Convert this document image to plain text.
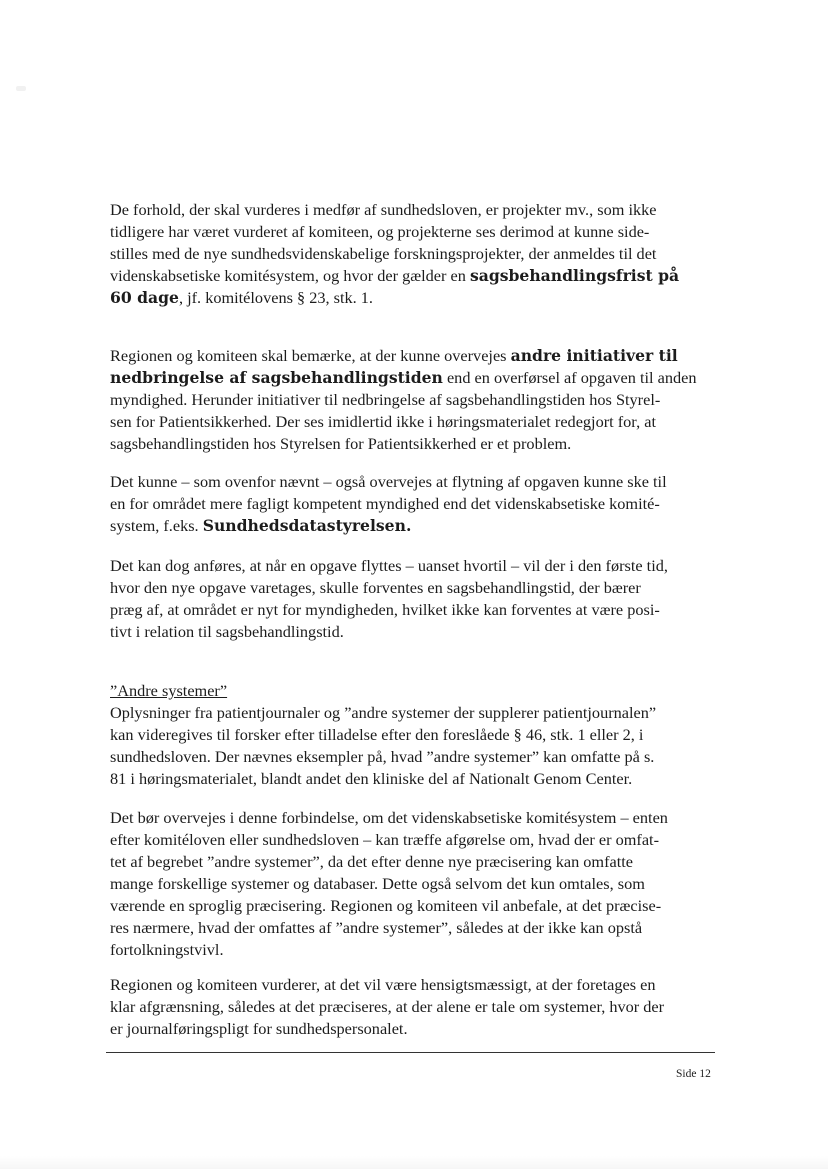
De forhold, der skal vurderes i medfør af sundhedsloven, er projekter mv., som ikke
tidligere har været vurderet af komiteen, og projekterne ses derimod at kunne side-
stilles med de nye sundhedsvidenskabelige forskningsprojekter, der anmeldes til det
videnskabsetiske komitésystem, og hvor der gælder en sagsbehandlingsfrist på
60 dage, jf. komitélovens § 23, stk. 1.

Regionen og komiteen skal bemærke, at der kunne overvejes andre initiativer til
nedbringelse af sagsbehandlingstiden end en overførsel af opgaven til anden
myndighed. Herunder initiativer til nedbringelse af sagsbehandlingstiden hos Styrel-
sen for Patientsikkerhed. Der ses imidlertid ikke i høringsmaterialet redegjort for, at
sagsbehandlingstiden hos Styrelsen for Patientsikkerhed er et problem.

Det kunne – som ovenfor nævnt – også overvejes at flytning af opgaven kunne ske til
en for området mere fagligt kompetent myndighed end det videnskabsetiske komité-
system, f.eks. Sundhedsdatastyrelsen.

Det kan dog anføres, at når en opgave flyttes – uanset hvortil – vil der i den første tid,
hvor den nye opgave varetages, skulle forventes en sagsbehandlingstid, der bærer
præg af, at området er nyt for myndigheden, hvilket ikke kan forventes at være posi-
tivt i relation til sagsbehandlingstid.

”Andre systemer”
Oplysninger fra patientjournaler og ”andre systemer der supplerer patientjournalen”
kan videregives til forsker efter tilladelse efter den foreslåede § 46, stk. 1 eller 2, i
sundhedsloven. Der nævnes eksempler på, hvad ”andre systemer” kan omfatte på s.
81 i høringsmaterialet, blandt andet den kliniske del af Nationalt Genom Center.

Det bør overvejes i denne forbindelse, om det videnskabsetiske komitésystem – enten
efter komitéloven eller sundhedsloven – kan træffe afgørelse om, hvad der er omfat-
tet af begrebet ”andre systemer”, da det efter denne nye præcisering kan omfatte
mange forskellige systemer og databaser. Dette også selvom det kun omtales, som
værende en sproglig præcisering. Regionen og komiteen vil anbefale, at det præcise-
res nærmere, hvad der omfattes af ”andre systemer”, således at der ikke kan opstå
fortolkningstvivl.

Regionen og komiteen vurderer, at det vil være hensigtsmæssigt, at der foretages en
klar afgrænsning, således at det præciseres, at der alene er tale om systemer, hvor der
er journalføringspligt for sundhedspersonalet.

Side 12
